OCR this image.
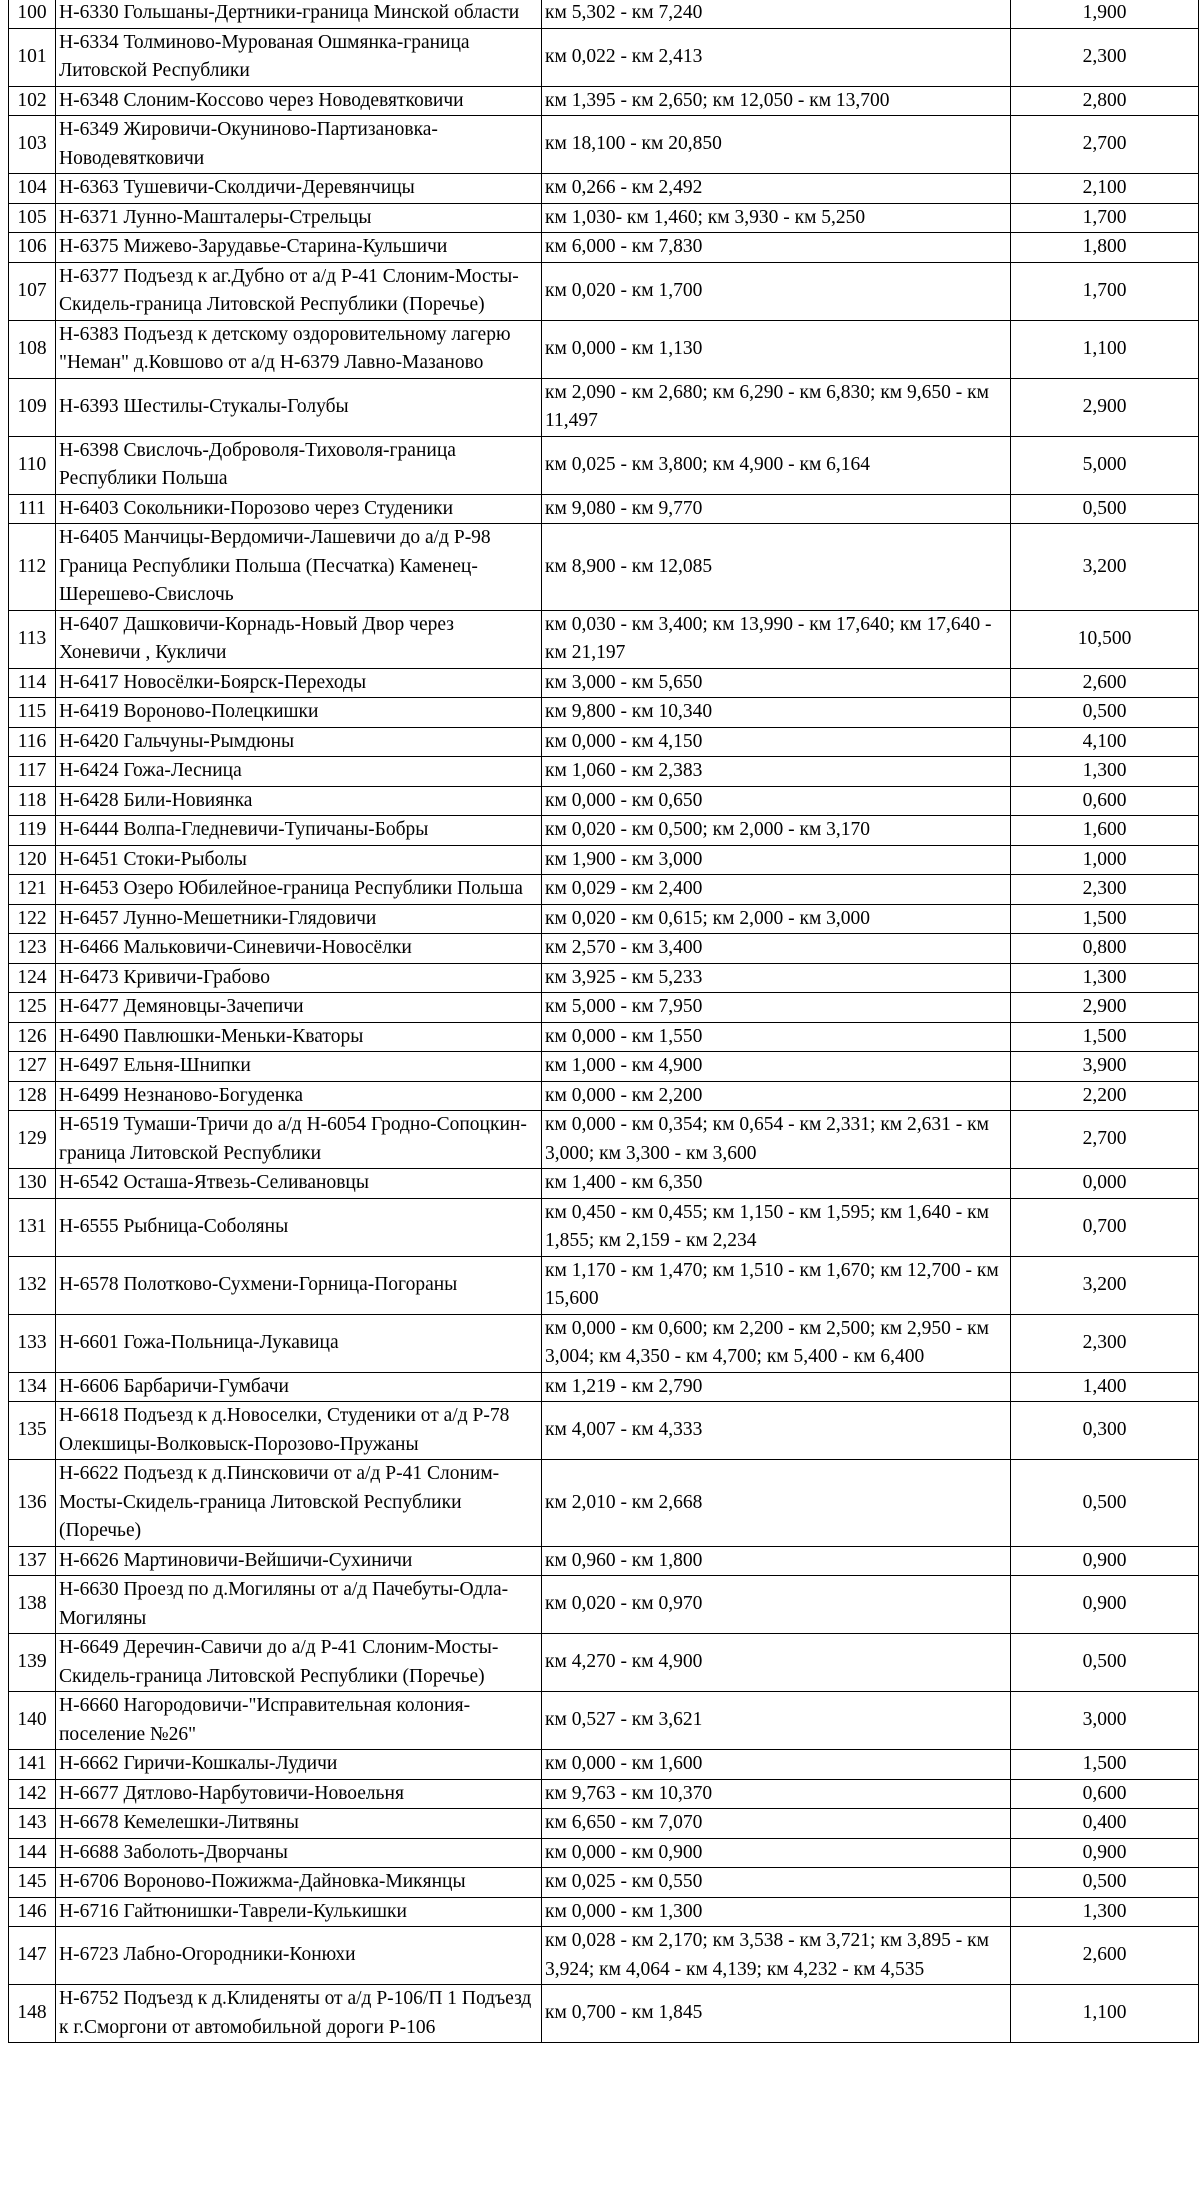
100	Н-6330 Гольшаны-Дертники-граница Минской области	км 5,302 - км 7,240	1,900
101	Н-6334 Толминово-Мурованая Ошмянка-граница Литовской Республики	км 0,022 - км 2,413	2,300
102	Н-6348 Слоним-Коссово через Новодевятковичи	км 1,395 - км 2,650; км 12,050 - км 13,700	2,800
103	Н-6349 Жировичи-Окуниново-Партизановка-Новодевятковичи	км 18,100 - км 20,850	2,700
104	Н-6363 Тушевичи-Сколдичи-Деревянчицы	км 0,266 - км 2,492	2,100
105	Н-6371 Лунно-Машталеры-Стрельцы	км 1,030- км 1,460; км 3,930 - км 5,250	1,700
106	Н-6375 Мижево-Зарудавье-Старина-Кульшичи	км 6,000 - км 7,830	1,800
107	Н-6377 Подъезд к аг.Дубно от а/д Р-41 Слоним-Мосты-Скидель-граница Литовской Республики (Поречье)	км 0,020 - км 1,700	1,700
108	Н-6383 Подъезд к детскому оздоровительному лагерю "Неман" д.Ковшово от а/д Н-6379 Лавно-Мазаново	км 0,000 - км 1,130	1,100
109	Н-6393 Шестилы-Стукалы-Голубы	км 2,090 - км 2,680; км 6,290 - км 6,830; км 9,650 - км 11,497	2,900
110	Н-6398 Свислочь-Доброволя-Тиховоля-граница Республики Польша	км 0,025 - км 3,800; км 4,900 - км 6,164	5,000
111	Н-6403 Сокольники-Порозово через Студеники	км 9,080 - км 9,770	0,500
112	Н-6405 Манчицы-Вердомичи-Лашевичи до а/д Р-98 Граница Республики Польша (Песчатка) Каменец-Шерешево-Свислочь	км 8,900 - км 12,085	3,200
113	Н-6407 Дашковичи-Корнадь-Новый Двор через Хоневичи , Кукличи	км 0,030 - км 3,400; км 13,990 - км 17,640; км 17,640 - км 21,197	10,500
114	Н-6417 Новосёлки-Боярск-Переходы	км 3,000 - км 5,650	2,600
115	Н-6419 Вороново-Полецкишки	км 9,800 - км 10,340	0,500
116	Н-6420 Гальчуны-Рымдюны	км 0,000 - км 4,150	4,100
117	Н-6424 Гожа-Лесница	км 1,060 - км 2,383	1,300
118	Н-6428 Били-Новиянка	км 0,000 - км 0,650	0,600
119	Н-6444 Волпа-Гледневичи-Тупичаны-Бобры	км 0,020 - км 0,500; км 2,000 - км 3,170	1,600
120	Н-6451 Стоки-Рыболы	км 1,900 - км 3,000	1,000
121	Н-6453 Озеро Юбилейное-граница Республики Польша	км 0,029 - км 2,400	2,300
122	Н-6457 Лунно-Мешетники-Глядовичи	км 0,020 - км 0,615; км 2,000 - км 3,000	1,500
123	Н-6466 Мальковичи-Синевичи-Новосёлки	км 2,570 - км 3,400	0,800
124	Н-6473 Кривичи-Грабово	км 3,925 - км 5,233	1,300
125	Н-6477 Демяновцы-Зачепичи	км 5,000 - км 7,950	2,900
126	Н-6490 Павлюшки-Меньки-Кваторы	км 0,000 - км 1,550	1,500
127	Н-6497 Ельня-Шнипки	км 1,000 - км 4,900	3,900
128	Н-6499 Незнаново-Богуденка	км 0,000 - км 2,200	2,200
129	Н-6519 Тумаши-Тричи до а/д Н-6054 Гродно-Сопоцкин-граница Литовской Республики	км 0,000 - км 0,354; км 0,654 - км 2,331; км 2,631 - км 3,000; км 3,300 - км 3,600	2,700
130	Н-6542 Осташа-Ятвезь-Селивановцы	км 1,400 - км 6,350	0,000
131	Н-6555 Рыбница-Соболяны	км 0,450 - км 0,455; км 1,150 - км 1,595; км 1,640 - км 1,855; км 2,159 - км 2,234	0,700
132	Н-6578 Полотково-Сухмени-Горница-Погораны	км 1,170 - км 1,470; км 1,510 - км 1,670; км 12,700 - км 15,600	3,200
133	Н-6601 Гожа-Польница-Лукавица	км 0,000 - км 0,600; км 2,200 - км 2,500; км 2,950 - км 3,004; км 4,350 - км 4,700; км 5,400 - км 6,400	2,300
134	Н-6606 Барбаричи-Гумбачи	км 1,219 - км 2,790	1,400
135	Н-6618 Подъезд к д.Новоселки, Студеники от а/д Р-78 Олекшицы-Волковыск-Порозово-Пружаны	км 4,007 - км 4,333	0,300
136	Н-6622 Подъезд к д.Пинсковичи от а/д Р-41 Слоним-Мосты-Скидель-граница Литовской Республики (Поречье)	км 2,010 - км 2,668	0,500
137	Н-6626 Мартиновичи-Вейшичи-Сухиничи	км 0,960 - км 1,800	0,900
138	Н-6630 Проезд по д.Могиляны от а/д Пачебуты-Одла-Могиляны	км 0,020 - км 0,970	0,900
139	Н-6649 Деречин-Савичи до а/д Р-41 Слоним-Мосты-Скидель-граница Литовской Республики (Поречье)	км 4,270 - км 4,900	0,500
140	Н-6660 Нагородовичи-"Исправительная колония-поселение №26"	км 0,527 - км 3,621	3,000
141	Н-6662 Гиричи-Кошкалы-Лудичи	км 0,000 - км 1,600	1,500
142	Н-6677 Дятлово-Нарбутовичи-Новоельня	км 9,763 - км 10,370	0,600
143	Н-6678 Кемелешки-Литвяны	км 6,650 - км 7,070	0,400
144	Н-6688 Заболоть-Дворчаны	км 0,000 - км 0,900	0,900
145	Н-6706 Вороново-Пожижма-Дайновка-Микянцы	км 0,025 - км 0,550	0,500
146	Н-6716 Гайтюнишки-Таврели-Кулькишки	км 0,000 - км 1,300	1,300
147	Н-6723 Лабно-Огородники-Конюхи	км 0,028 - км 2,170; км 3,538 - км 3,721; км 3,895 - км 3,924; км 4,064 - км 4,139; км 4,232 - км 4,535	2,600
148	Н-6752 Подъезд к д.Клиденяты от а/д Р-106/П 1 Подъезд к г.Сморгони от автомобильной дороги Р-106	км 0,700 - км 1,845	1,100
